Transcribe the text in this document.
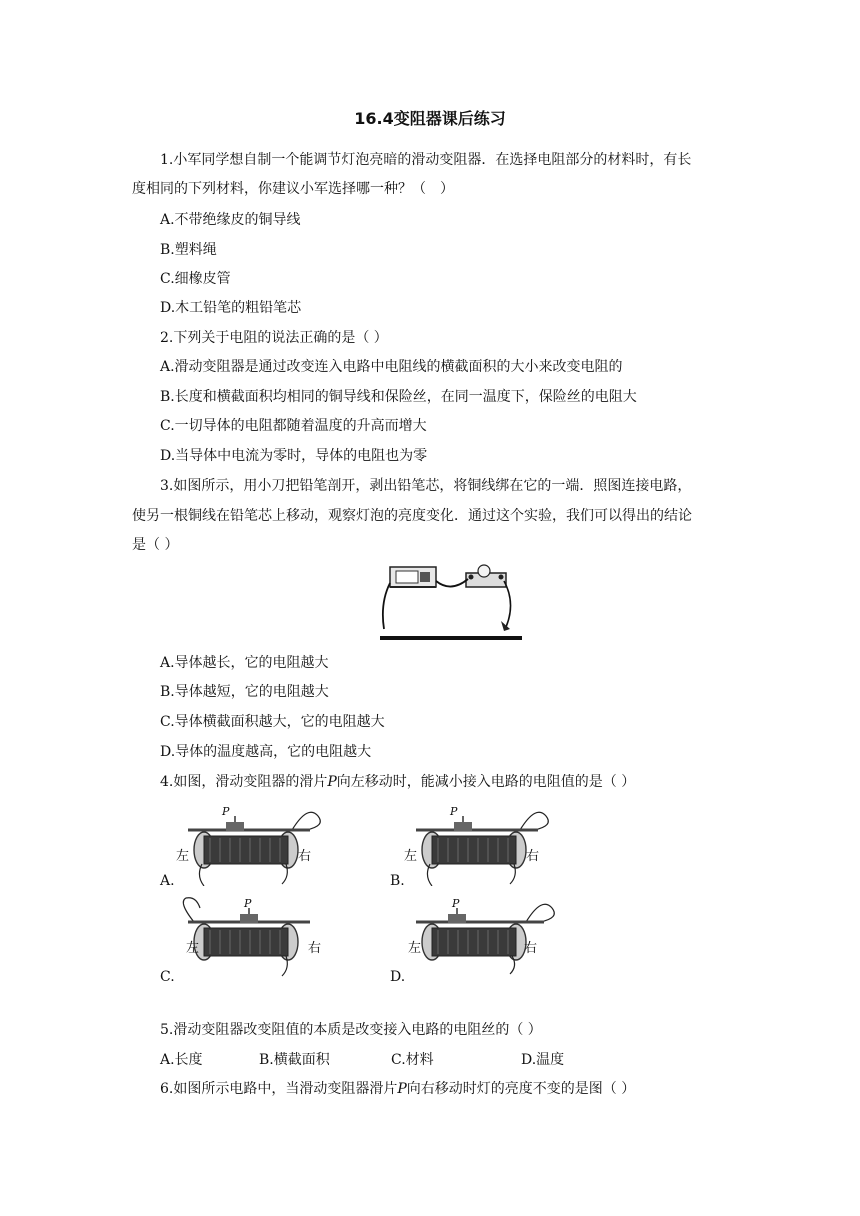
16.4变阻器课后练习
1.小军同学想自制一个能调节灯泡亮暗的滑动变阻器．在选择电阻部分的材料时，有长
度相同的下列材料，你建议小军选择哪一种？（　）
A.不带绝缘皮的铜导线
B.塑料绳
C.细橡皮管
D.木工铅笔的粗铅笔芯
2.下列关于电阻的说法正确的是（ ）
A.滑动变阻器是通过改变连入电路中电阻线的横截面积的大小来改变电阻的
B.长度和横截面积均相同的铜导线和保险丝，在同一温度下，保险丝的电阻大
C.一切导体的电阻都随着温度的升高而增大
D.当导体中电流为零时，导体的电阻也为零
3.如图所示，用小刀把铅笔剖开，剥出铅笔芯，将铜线绑在它的一端．照图连接电路，
使另一根铜线在铅笔芯上移动，观察灯泡的亮度变化．通过这个实验，我们可以得出的结论
是（ ）
A.导体越长，它的电阻越大
B.导体越短，它的电阻越大
C.导体横截面积越大，它的电阻越大
D.导体的温度越高，它的电阻越大
4.如图，滑动变阻器的滑片P向左移动时，能减小接入电路的电阻值的是（ ）
P
左	右
A.
P
左	右
B.
P
左	右
C.
P
左	右
D.
5.滑动变阻器改变阻值的本质是改变接入电路的电阻丝的（ ）
A.长度	B.横截面积	C.材料	D.温度
6.如图所示电路中，当滑动变阻器滑片P向右移动时灯的亮度不变的是图（ ）
